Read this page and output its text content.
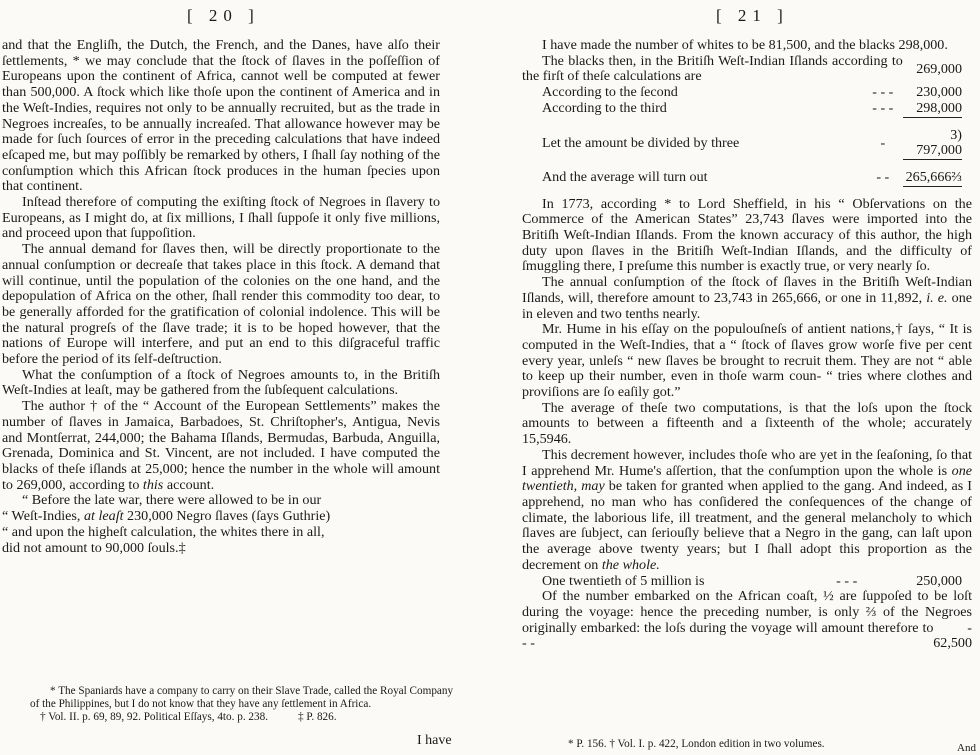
[ 20 ]

and that the Engliſh, the Dutch, the French, and the Danes, have alſo their ſettlements, * we may conclude that the ſtock of ſlaves in the poſſeſſion of Europeans upon the continent of Africa, cannot well be computed at fewer than 500,000. A ſtock which like thoſe upon the continent of America and in the Weſt-Indies, requires not only to be annually recruited, but as the trade in Negroes increaſes, to be annually increaſed. That allowance however may be made for ſuch ſources of error in the preceding calculations that have indeed eſcaped me, but may poſſibly be remarked by others, I ſhall ſay nothing of the conſumption which this African ſtock produces in the human ſpecies upon that continent.

Inſtead therefore of computing the exiſting ſtock of Negroes in ſlavery to Europeans, as I might do, at ſix millions, I ſhall ſuppoſe it only five millions, and proceed upon that ſuppoſition.

The annual demand for ſlaves then, will be directly proportionate to the annual conſumption or decreaſe that takes place in this ſtock. A demand that will continue, until the population of the colonies on the one hand, and the depopulation of Africa on the other, ſhall render this commodity too dear, to be generally afforded for the gratification of colonial indolence. This will be the natural progreſs of the ſlave trade; it is to be hoped however, that the nations of Europe will interfere, and put an end to this diſgraceful traffic before the period of its ſelf-deſtruction.

What the conſumption of a ſtock of Negroes amounts to, in the Britiſh Weſt-Indies at leaſt, may be gathered from the ſubſequent calculations.

The author † of the “ Account of the European Settlements” makes the number of ſlaves in Jamaica, Barbadoes, St. Chriſtopher's, Antigua, Nevis and Montſerrat, 244,000; the Bahama Iſlands, Bermudas, Barbuda, Anguilla, Grenada, Dominica and St. Vincent, are not included. I have computed the blacks of theſe iſlands at 25,000; hence the number in the whole will amount to 269,000, according to this account.

“ Before the late war, there were allowed to be in our

“ Weſt-Indies, at leaſt 230,000 Negro ſlaves (ſays Guthrie)

“ and upon the higheſt calculation, the whites there in all,

did not amount to 90,000 ſouls.‡

* The Spaniards have a company to carry on their Slave Trade, called the Royal Company of the Philippines, but I do not know that they have any ſettlement in Africa.

† Vol. II. p. 69, 89, 92. Political Eſſays, 4to. p. 238.	‡ P. 826.

I have
[ 21 ]

I have made the number of whites to be 81,500, and the blacks 298,000.

The blacks then, in the Britiſh Weſt-Indian Iſlands according to the firſt of theſe calculations are		269,000
According to the ſecond	- - -	230,000
According to the third	- - -	298,000

Let the amount be divided by three	-	3) 797,000

And the average will turn out	- -	265,666⅔

In 1773, according * to Lord Sheffield, in his “ Obſervations on the Commerce of the American States” 23,743 ſlaves were imported into the Britiſh Weſt-Indian Iſlands. From the known accuracy of this author, the high duty upon ſlaves in the Britiſh Weſt-Indian Iſlands, and the difficulty of ſmuggling there, I preſume this number is exactly true, or very nearly ſo.

The annual conſumption of the ſtock of ſlaves in the Britiſh Weſt-Indian Iſlands, will, therefore amount to 23,743 in 265,666, or one in 11,892, i. e. one in eleven and two tenths nearly.

Mr. Hume in his eſſay on the populouſneſs of antient nations,† ſays, “ It is computed in the Weſt-Indies, that a “ ſtock of ſlaves grow worſe five per cent every year, unleſs “ new ſlaves be brought to recruit them. They are not “ able to keep up their number, even in thoſe warm coun- “ tries where clothes and proviſions are ſo eaſily got.”

The average of theſe two computations, is that the loſs upon the ſtock amounts to between a fifteenth and a ſixteenth of the whole; accurately 15,5946.

This decrement however, includes thoſe who are yet in the ſeaſoning, ſo that I apprehend Mr. Hume's aſſertion, that the conſumption upon the whole is one twentieth, may be taken for granted when applied to the gang. And indeed, as I apprehend, no man who has conſidered the conſequences of the change of climate, the laborious life, ill treatment, and the general melancholy to which ſlaves are ſubject, can ſeriouſly believe that a Negro in the gang, can laſt upon the average above twenty years; but I ſhall adopt this proportion as the decrement on the whole.

One twentieth of 5 million is	- - -	250,000

Of the number embarked on the African coaſt, ½ are ſuppoſed to be loſt during the voyage: hence the preceding number, is only ⅔ of the Negroes originally embarked: the loſs during the voyage will amount therefore to - - -	62,500

* P. 156. † Vol. I. p. 422, London edition in two volumes.	And
